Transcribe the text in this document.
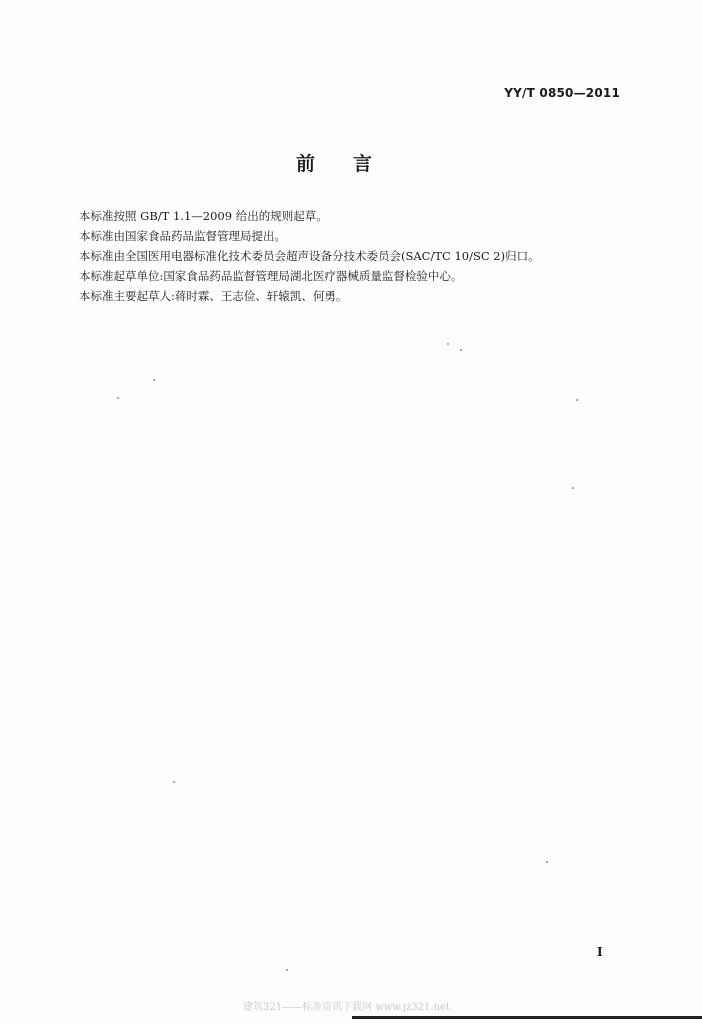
YY/T 0850—2011
前 言

本标准按照 GB/T 1.1—2009 给出的规则起草。

本标准由国家食品药品监督管理局提出。

本标准由全国医用电器标准化技术委员会超声设备分技术委员会(SAC/TC 10/SC 2)归口。

本标准起草单位:国家食品药品监督管理局湖北医疗器械质量监督检验中心。

本标准主要起草人:蒋时霖、王志俭、轩辕凯、何勇。

I
建筑321——标准资讯下载网 www.jz321.net
